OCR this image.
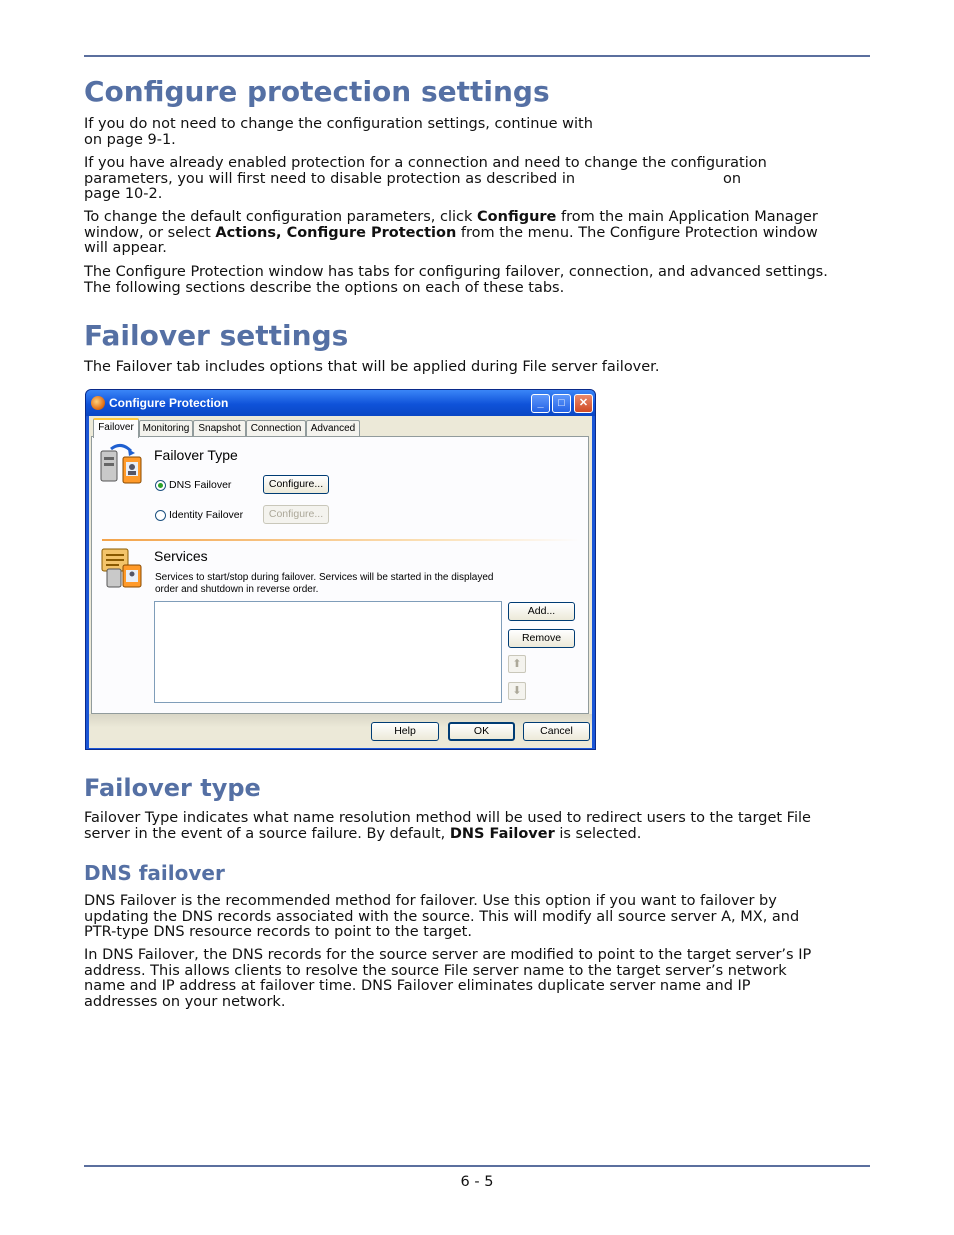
Configure protection settings

If you do not need to change the configuration settings, continue with
on page 9-1.

If you have already enabled protection for a connection and need to change the configuration
parameters, you will first need to disable protection as described in	on
page 10-2.

To change the default configuration parameters, click Configure from the main Application Manager
window, or select Actions, Configure Protection from the menu. The Configure Protection window
will appear.

The Configure Protection window has tabs for configuring failover, connection, and advanced settings.
The following sections describe the options on each of these tabs.

Failover settings

The Failover tab includes options that will be applied during File server failover.

Failover type

Failover Type indicates what name resolution method will be used to redirect users to the target File
server in the event of a source failure. By default, DNS Failover is selected.

DNS failover

DNS Failover is the recommended method for failover. Use this option if you want to failover by
updating the DNS records associated with the source. This will modify all source server A, MX, and
PTR-type DNS resource records to point to the target.

In DNS Failover, the DNS records for the source server are modified to point to the target server’s IP
address. This allows clients to resolve the source File server name to the target server’s network
name and IP address at failover time. DNS Failover eliminates duplicate server name and IP
addresses on your network.

Configure Protection	_	□	✕
Failover Monitoring Snapshot	Connection Advanced
Failover Type
DNS Failover	Configure...
Identity Failover	Configure...
Services
Services to start/stop during failover. Services will be started in the displayed order and shutdown in reverse order.
Add...
Remove
⬆
⬇
Help	OK	Cancel
6 - 5
